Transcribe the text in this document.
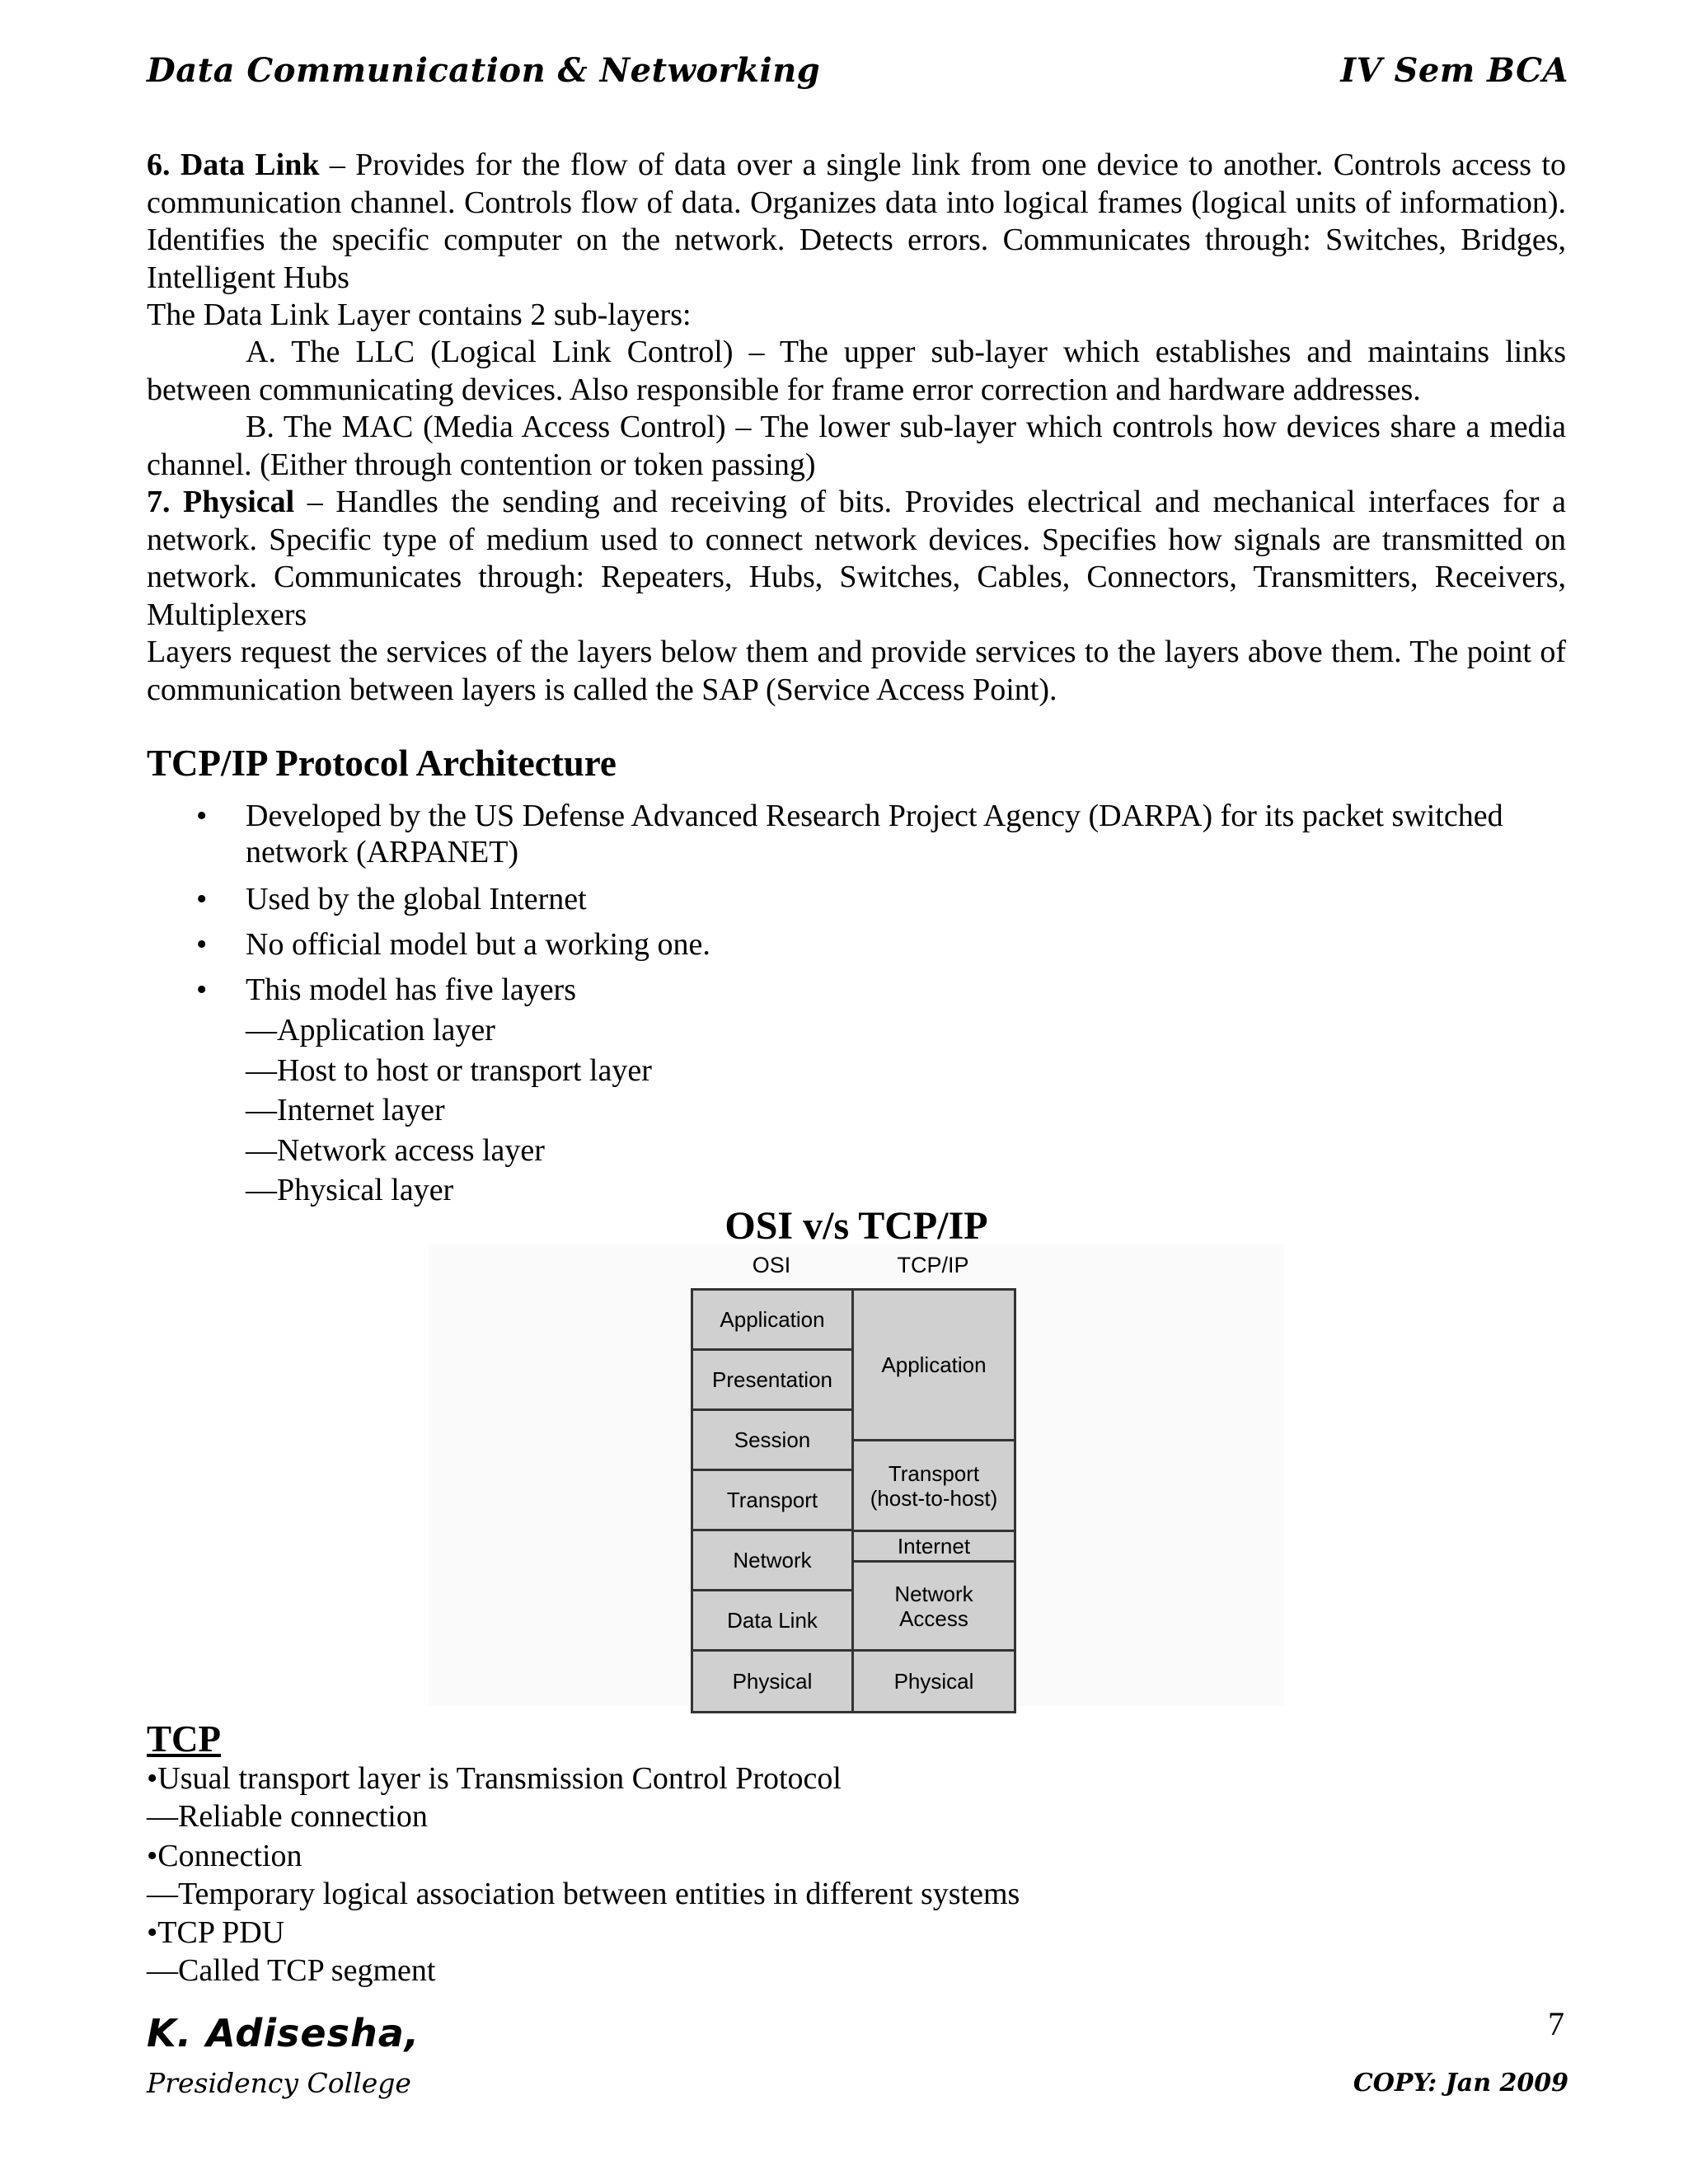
Data Communication & Networking	IV Sem BCA
6. Data Link – Provides for the flow of data over a single link from one device to another. Controls access to communication channel. Controls flow of data. Organizes data into logical frames (logical units of information). Identifies the specific computer on the network. Detects errors. Communicates through: Switches, Bridges, Intelligent Hubs
The Data Link Layer contains 2 sub-layers:
A. The LLC (Logical Link Control) – The upper sub-layer which establishes and maintains links between communicating devices. Also responsible for frame error correction and hardware addresses.
B. The MAC (Media Access Control) – The lower sub-layer which controls how devices share a media channel. (Either through contention or token passing)
7. Physical – Handles the sending and receiving of bits. Provides electrical and mechanical interfaces for a network. Specific type of medium used to connect network devices. Specifies how signals are transmitted on network. Communicates through: Repeaters, Hubs, Switches, Cables, Connectors, Transmitters, Receivers, Multiplexers
Layers request the services of the layers below them and provide services to the layers above them. The point of communication between layers is called the SAP (Service Access Point).
TCP/IP Protocol Architecture
• Developed by the US Defense Advanced Research Project Agency (DARPA) for its packet switched network (ARPANET)
• Used by the global Internet
• No official model but a working one.
• This model has five layers
—Application layer
—Host to host or transport layer
—Internet layer
—Network access layer
—Physical layer
OSI v/s TCP/IP
OSI	TCP/IP
Application
Presentation
Session
Transport
Network
Data Link
Physical
Application
Transport
(host-to-host)
Internet
Network
Access
Physical
TCP
•Usual transport layer is Transmission Control Protocol
—Reliable connection
•Connection
—Temporary logical association between entities in different systems
•TCP PDU
—Called TCP segment
K. Adisesha,
Presidency College
7
COPY: Jan 2009
